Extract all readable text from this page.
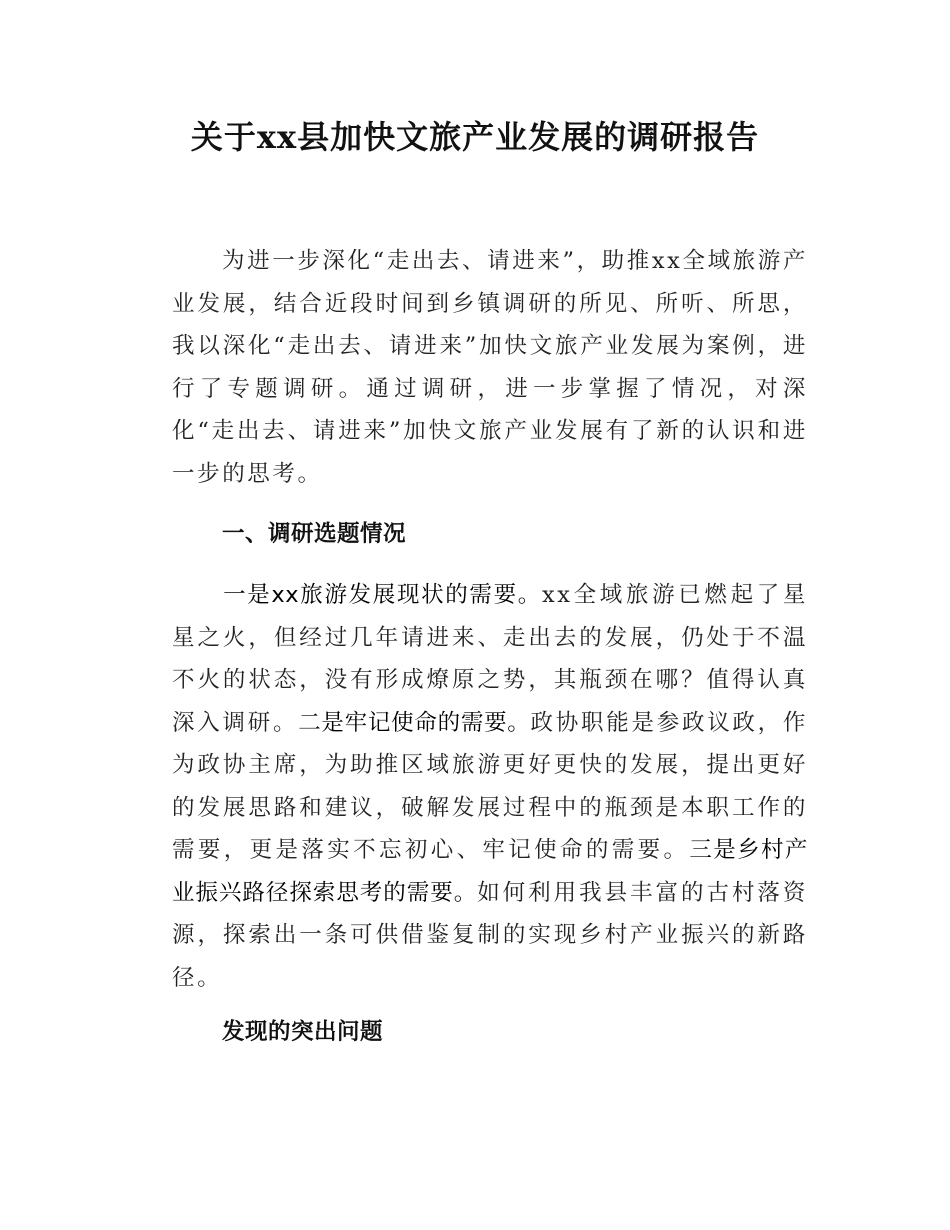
关于xx县加快文旅产业发展的调研报告

为进一步深化“走出去、请进来”，助推xx全域旅游产业发展，结合近段时间到乡镇调研的所见、所听、所思，我以深化“走出去、请进来”加快文旅产业发展为案例，进行了专题调研。通过调研，进一步掌握了情况，对深化“走出去、请进来”加快文旅产业发展有了新的认识和进一步的思考。

一、调研选题情况

一是xx旅游发展现状的需要。xx全域旅游已燃起了星星之火，但经过几年请进来、走出去的发展，仍处于不温不火的状态，没有形成燎原之势，其瓶颈在哪？值得认真深入调研。二是牢记使命的需要。政协职能是参政议政，作为政协主席，为助推区域旅游更好更快的发展，提出更好的发展思路和建议，破解发展过程中的瓶颈是本职工作的需要，更是落实不忘初心、牢记使命的需要。三是乡村产业振兴路径探索思考的需要。如何利用我县丰富的古村落资源，探索出一条可供借鉴复制的实现乡村产业振兴的新路径。

发现的突出问题
